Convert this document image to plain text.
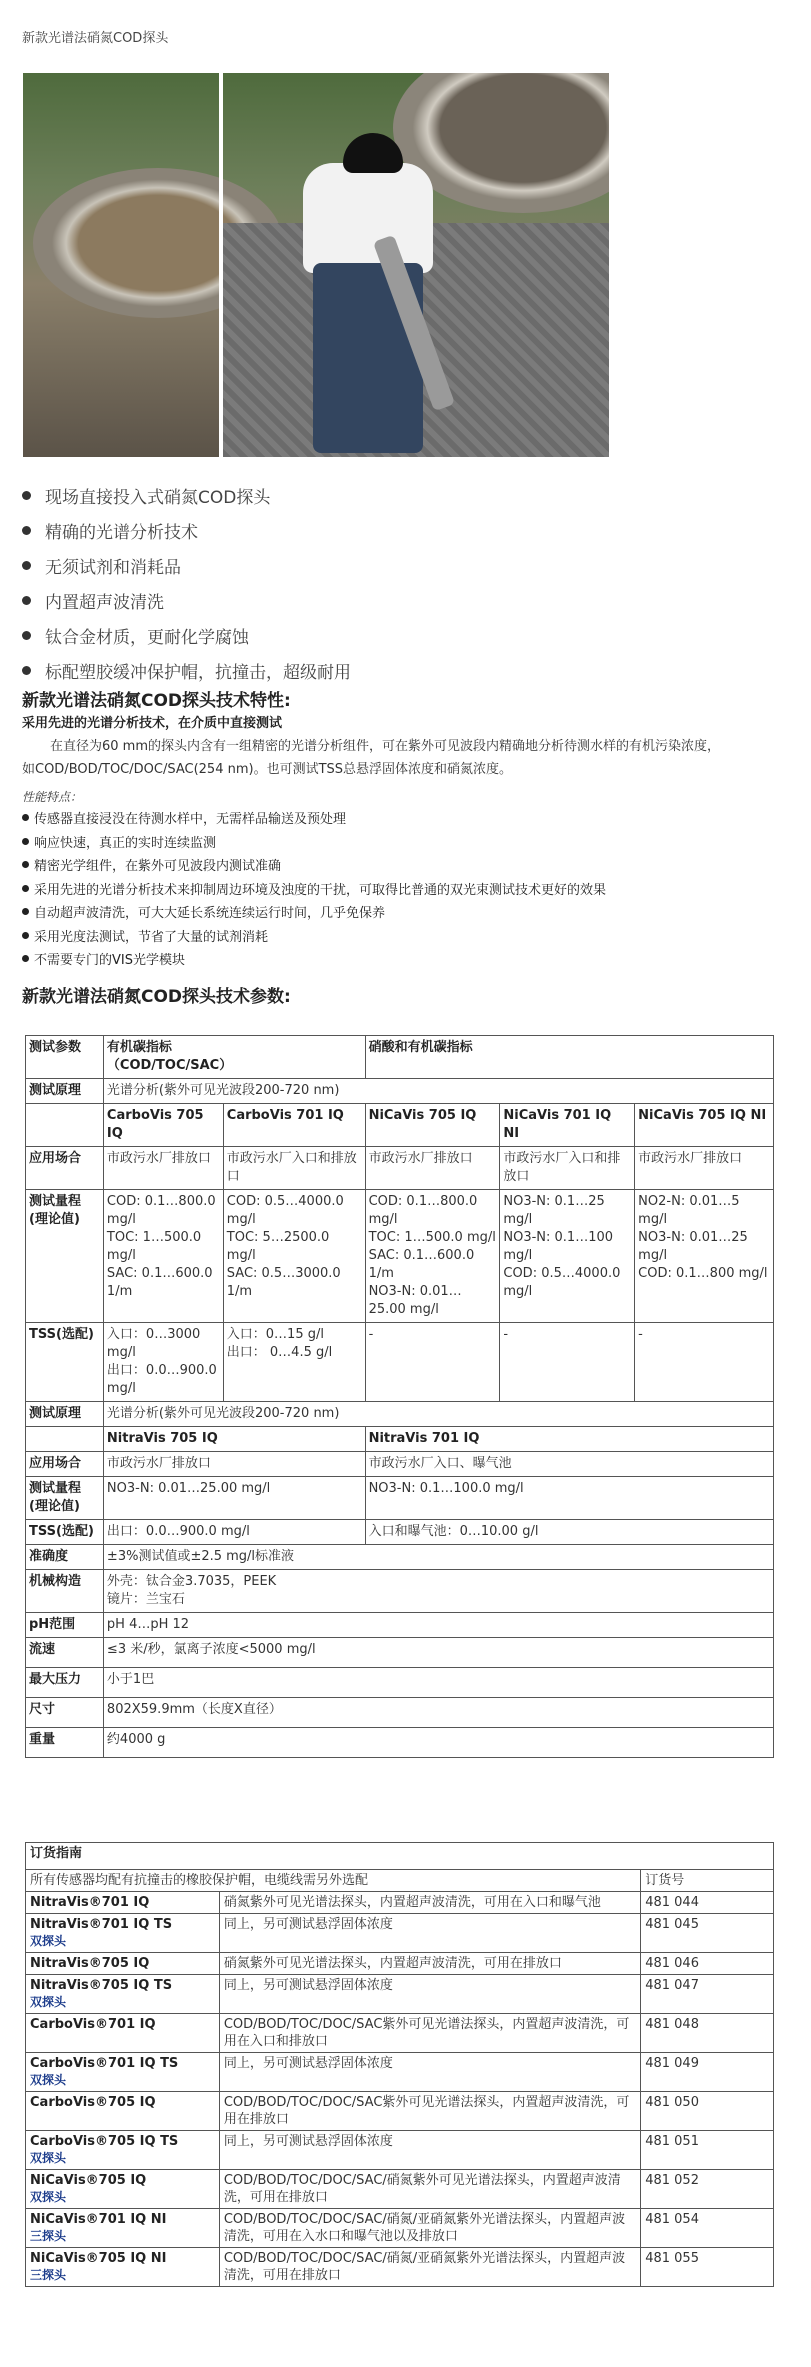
新款光谱法硝氮COD探头
现场直接投入式硝氮COD探头
精确的光谱分析技术
无须试剂和消耗品
内置超声波清洗
钛合金材质，更耐化学腐蚀
标配塑胶缓冲保护帽，抗撞击，超级耐用
新款光谱法硝氮COD探头技术特性:
采用先进的光谱分析技术，在介质中直接测试
在直径为60 mm的探头内含有一组精密的光谱分析组件，可在紫外可见波段内精确地分析待测水样的有机污染浓度，
如COD/BOD/TOC/DOC/SAC(254 nm)。也可测试TSS总悬浮固体浓度和硝氮浓度。
性能特点：
传感器直接浸没在待测水样中，无需样品输送及预处理
响应快速，真正的实时连续监测
精密光学组件，在紫外可见波段内测试准确
采用先进的光谱分析技术来抑制周边环境及浊度的干扰，可取得比普通的双光束测试技术更好的效果
自动超声波清洗，可大大延长系统连续运行时间，几乎免保养
采用光度法测试，节省了大量的试剂消耗
不需要专门的VIS光学模块
新款光谱法硝氮COD探头技术参数:
测试参数	有机碳指标
（COD/TOC/SAC）		硝酸和有机碳指标		
测试原理	光谱分析(紫外可见光波段200-720 nm)				
	CarboVis 705 IQ	CarboVis 701 IQ	NiCaVis 705 IQ	NiCaVis 701 IQ NI	NiCaVis 705 IQ NI
应用场合	市政污水厂排放口	市政污水厂入口和排放口	市政污水厂排放口	市政污水厂入口和排放口	市政污水厂排放口
测试量程(理论值)	COD: 0.1…800.0 mg/l
TOC: 1…500.0 mg/l
SAC: 0.1…600.0 1/m	COD: 0.5…4000.0 mg/l
TOC: 5…2500.0 mg/l
SAC: 0.5…3000.0 1/m	COD: 0.1…800.0 mg/l
TOC: 1…500.0 mg/l
SAC: 0.1…600.0 1/m
NO3-N: 0.01…25.00 mg/l	NO3-N: 0.1…25 mg/l
NO3-N: 0.1…100 mg/l
COD: 0.5…4000.0 mg/l	NO2-N: 0.01…5 mg/l
NO3-N: 0.01…25 mg/l
COD: 0.1…800 mg/l
TSS(选配)	入口：0…3000 mg/l
出口：0.0…900.0 mg/l	入口：0…15 g/l
出口： 0…4.5 g/l	-	-	-
测试原理	光谱分析(紫外可见光波段200-720 nm)				
	NitraVis 705 IQ		NitraVis 701 IQ		
应用场合	市政污水厂排放口		市政污水厂入口、曝气池		
测试量程(理论值)	NO3-N: 0.01…25.00 mg/l		NO3-N: 0.1…100.0 mg/l		
TSS(选配)	出口：0.0…900.0 mg/l		入口和曝气池：0…10.00 g/l		
准确度	±3%测试值或±2.5 mg/l标准液				
机械构造	外壳：钛合金3.7035，PEEK
镜片：兰宝石				
pH范围	pH 4…pH 12				
流速	≤3 米/秒，氯离子浓度<5000 mg/l				
最大压力	小于1巴				
尺寸	802X59.9mm（长度X直径）				
重量	约4000 g				
订货指南		
所有传感器均配有抗撞击的橡胶保护帽，电缆线需另外选配		订货号
NitraVis®701 IQ	硝氮紫外可见光谱法探头，内置超声波清洗，可用在入口和曝气池	481 044
NitraVis®701 IQ TS
双探头	同上，另可测试悬浮固体浓度	481 045
NitraVis®705 IQ	硝氮紫外可见光谱法探头，内置超声波清洗，可用在排放口	481 046
NitraVis®705 IQ TS
双探头	同上，另可测试悬浮固体浓度	481 047
CarboVis®701 IQ	COD/BOD/TOC/DOC/SAC紫外可见光谱法探头，内置超声波清洗，可用在入口和排放口	481 048
CarboVis®701 IQ TS
双探头	同上，另可测试悬浮固体浓度	481 049
CarboVis®705 IQ	COD/BOD/TOC/DOC/SAC紫外可见光谱法探头，内置超声波清洗，可用在排放口	481 050
CarboVis®705 IQ TS
双探头	同上，另可测试悬浮固体浓度	481 051
NiCaVis®705 IQ
双探头	COD/BOD/TOC/DOC/SAC/硝氮紫外可见光谱法探头，内置超声波清洗，可用在排放口	481 052
NiCaVis®701 IQ NI
三探头	COD/BOD/TOC/DOC/SAC/硝氮/亚硝氮紫外光谱法探头，内置超声波清洗，可用在入水口和曝气池以及排放口	481 054
NiCaVis®705 IQ NI
三探头	COD/BOD/TOC/DOC/SAC/硝氮/亚硝氮紫外光谱法探头，内置超声波清洗，可用在排放口	481 055
